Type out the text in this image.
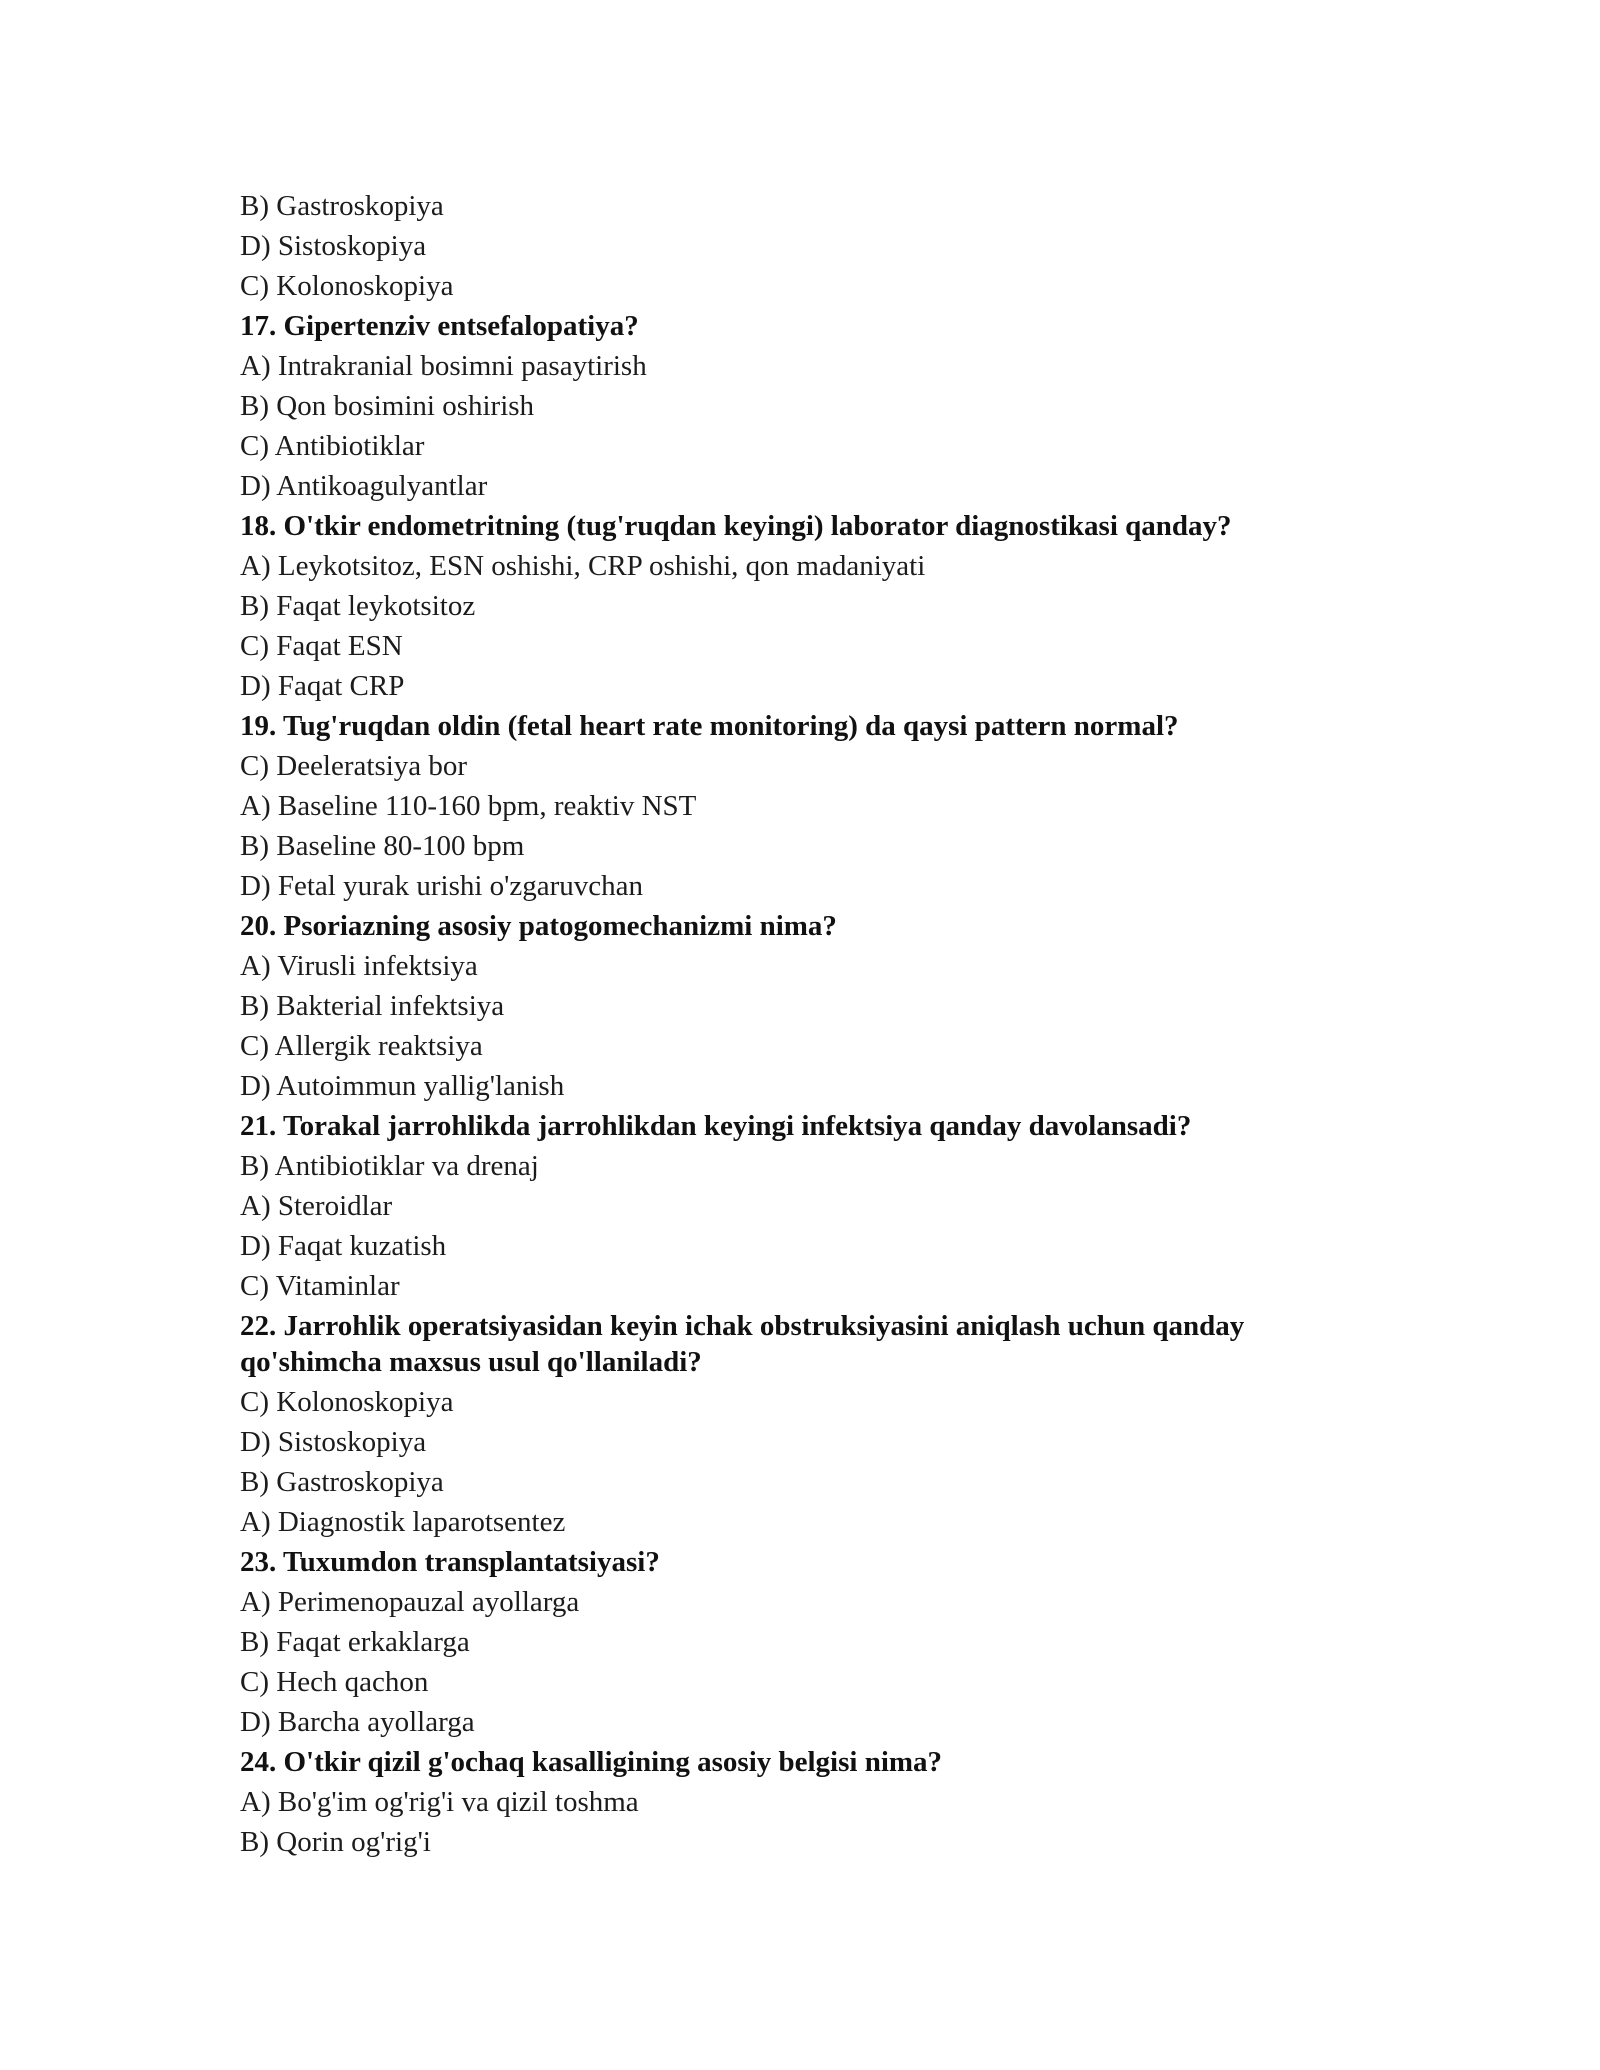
B) Gastroskopiya
D) Sistoskopiya
C) Kolonoskopiya
17. Gipertenziv entsefalopatiya?
A) Intrakranial bosimni pasaytirish
B) Qon bosimini oshirish
C) Antibiotiklar
D) Antikoagulyantlar
18. O'tkir endometritning (tug'ruqdan keyingi) laborator diagnostikasi qanday?
A) Leykotsitoz, ESN oshishi, CRP oshishi, qon madaniyati
B) Faqat leykotsitoz
C) Faqat ESN
D) Faqat CRP
19. Tug'ruqdan oldin (fetal heart rate monitoring) da qaysi pattern normal?
C) Deeleratsiya bor
A) Baseline 110-160 bpm, reaktiv NST
B) Baseline 80-100 bpm
D) Fetal yurak urishi o'zgaruvchan
20. Psoriazning asosiy patogomechanizmi nima?
A) Virusli infektsiya
B) Bakterial infektsiya
C) Allergik reaktsiya
D) Autoimmun yallig'lanish
21. Torakal jarrohlikda jarrohlikdan keyingi infektsiya qanday davolansadi?
B) Antibiotiklar va drenaj
A) Steroidlar
D) Faqat kuzatish
C) Vitaminlar
22. Jarrohlik operatsiyasidan keyin ichak obstruksiyasini aniqlash uchun qanday qo'shimcha maxsus usul qo'llaniladi?
C) Kolonoskopiya
D) Sistoskopiya
B) Gastroskopiya
A) Diagnostik laparotsentez
23. Tuxumdon transplantatsiyasi?
A) Perimenopauzal ayollarga
B) Faqat erkaklarga
C) Hech qachon
D) Barcha ayollarga
24. O'tkir qizil g'ochaq kasalligining asosiy belgisi nima?
A) Bo'g'im og'rig'i va qizil toshma
B) Qorin og'rig'i
